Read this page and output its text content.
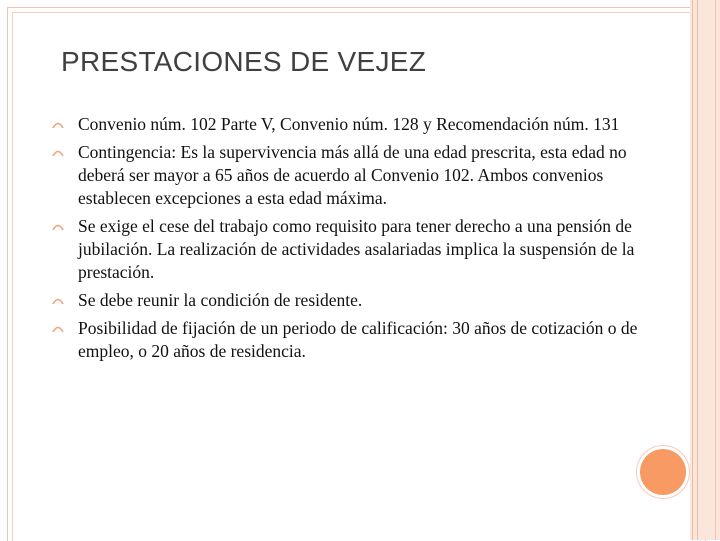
PRESTACIONES DE VEJEZ
Convenio núm. 102 Parte V, Convenio núm. 128 y Recomendación núm. 131
Contingencia: Es la supervivencia más allá de una edad prescrita, esta edad no deberá ser mayor a 65 años de acuerdo al Convenio 102. Ambos convenios establecen excepciones a esta edad máxima.
Se exige el cese del trabajo como requisito para tener derecho a una pensión de jubilación. La realización de actividades asalariadas implica la suspensión de la prestación.
Se debe reunir la condición de residente.
Posibilidad de fijación de un periodo de calificación: 30 años de cotización o de empleo, o 20 años de residencia.
